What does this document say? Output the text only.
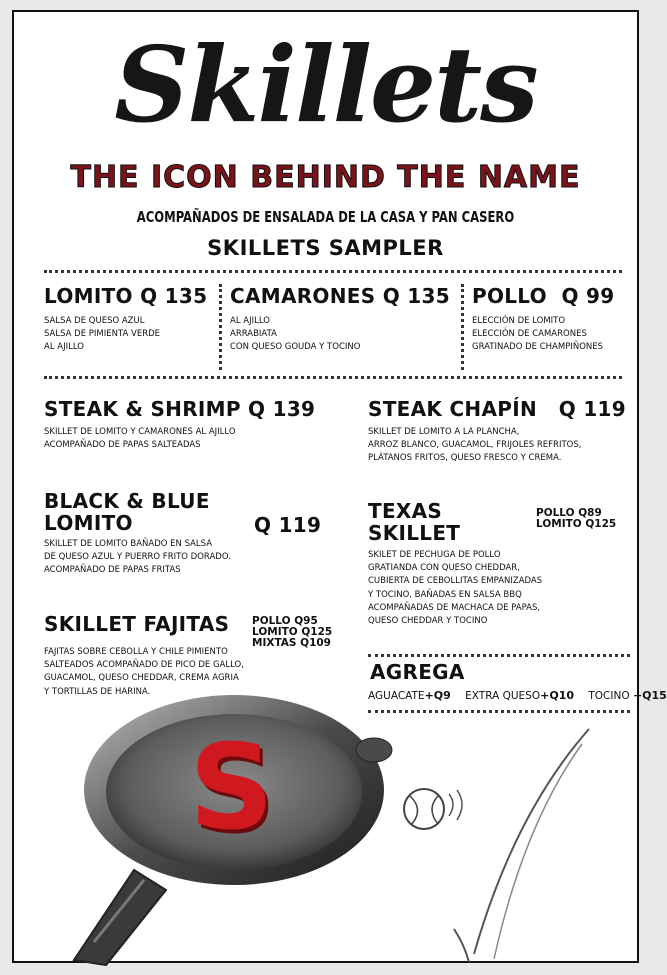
Skillets
THE ICON BEHIND THE NAME
ACOMPAÑADOS DE ENSALADA DE LA CASA Y PAN CASERO
SKILLETS SAMPLER
LOMITO Q 135
SALSA DE QUESO AZUL
SALSA DE PIMIENTA VERDE
AL AJILLO
CAMARONES Q 135
AL AJILLO
ARRABIATA
CON QUESO GOUDA Y TOCINO
POLLO  Q 99
ELECCIÓN DE LOMITO
ELECCIÓN DE CAMARONES
GRATINADO DE CHAMPIÑONES
STEAK & SHRIMP Q 139
SKILLET DE LOMITO Y CAMARONES AL AJILLO
ACOMPAÑADO DE PAPAS SALTEADAS
STEAK CHAPÍN   Q 119
SKILLET DE LOMITO A LA PLANCHA,
ARROZ BLANCO, GUACAMOL, FRIJOLES REFRITOS,
PLÁTANOS FRITOS, QUESO FRESCO Y CREMA.
BLACK & BLUE
LOMITO
SKILLET DE LOMITO BAÑADO EN SALSA
DE QUESO AZUL Y PUERRO FRITO DORADO.
ACOMPAÑADO DE PAPAS FRITAS
Q 119
TEXAS
SKILLET
SKILET DE PECHUGA DE POLLO
GRATIANDA CON QUESO CHEDDAR,
CUBIERTA DE CEBOLLITAS EMPANIZADAS
Y TOCINO, BAÑADAS EN SALSA BBQ
ACOMPAÑADAS DE MACHACA DE PAPAS,
QUESO CHEDDAR Y TOCINO
POLLO Q89
LOMITO Q125
SKILLET FAJITAS
FAJITAS SOBRE CEBOLLA Y CHILE PIMIENTO
SALTEADOS ACOMPAÑADO DE PICO DE GALLO,
GUACAMOL, QUESO CHEDDAR, CREMA AGRIA
Y TORTILLAS DE HARINA.
POLLO Q95
LOMITO Q125
MIXTAS Q109
AGREGA
AGUACATE+Q9 EXTRA QUESO+Q10 TOCINO +Q15
S
